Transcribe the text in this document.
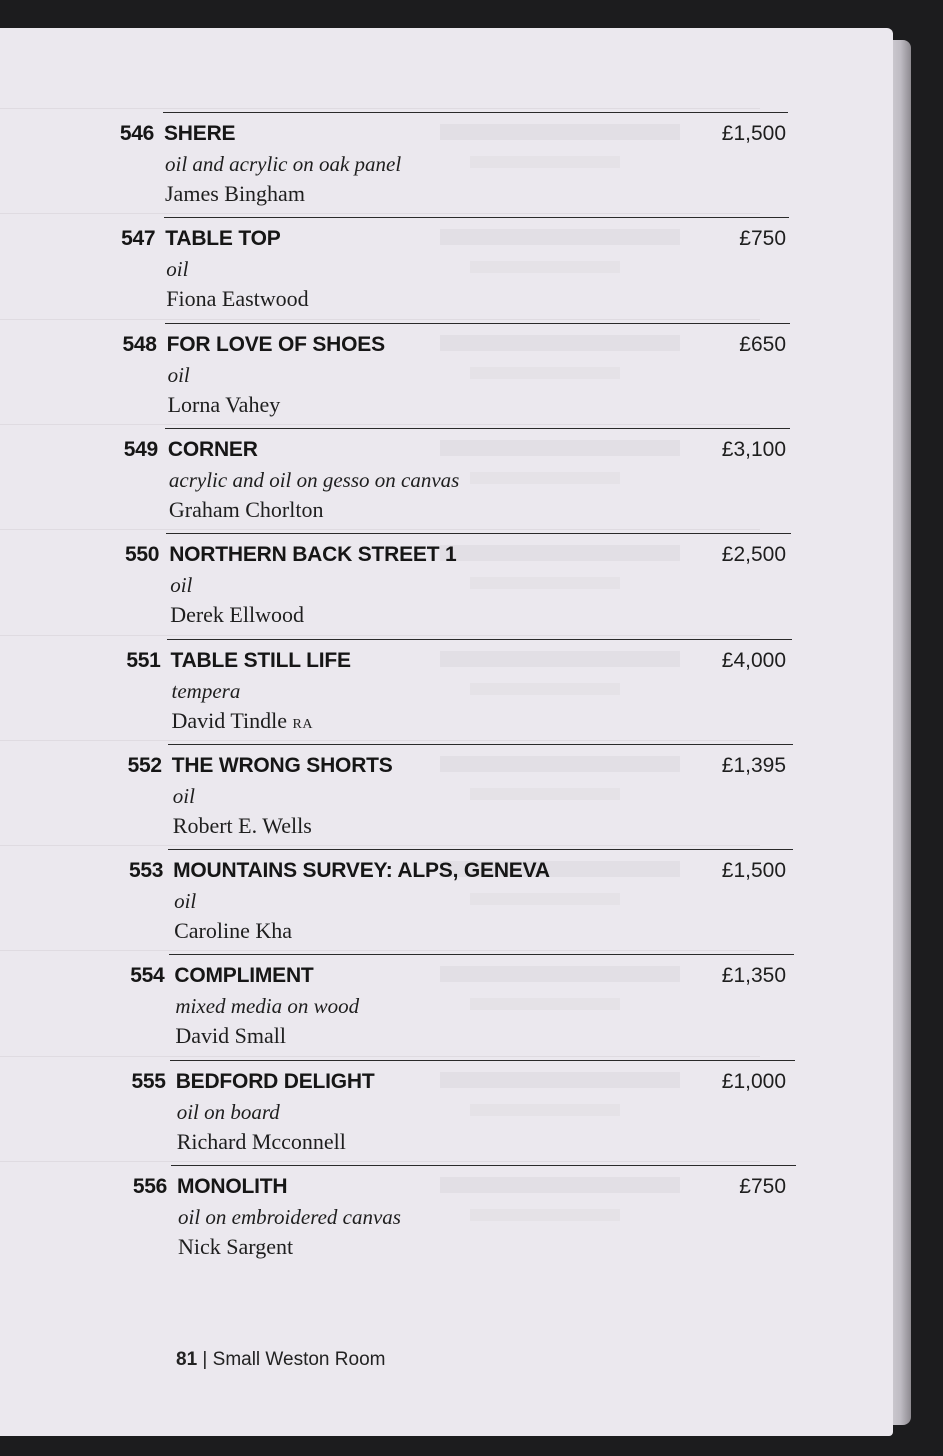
546 SHERE
oil and acrylic on oak panel
James Bingham
£1,500
547 TABLE TOP
oil
Fiona Eastwood
£750
548 FOR LOVE OF SHOES
oil
Lorna Vahey
£650
549 CORNER
acrylic and oil on gesso on canvas
Graham Chorlton
£3,100
550 NORTHERN BACK STREET 1
oil
Derek Ellwood
£2,500
551 TABLE STILL LIFE
tempera
David Tindle RA
£4,000
552 THE WRONG SHORTS
oil
Robert E. Wells
£1,395
553 MOUNTAINS SURVEY: ALPS, GENEVA
oil
Caroline Kha
£1,500
554 COMPLIMENT
mixed media on wood
David Small
£1,350
555 BEDFORD DELIGHT
oil on board
Richard Mcconnell
£1,000
556 MONOLITH
oil on embroidered canvas
Nick Sargent
£750
81 | Small Weston Room
